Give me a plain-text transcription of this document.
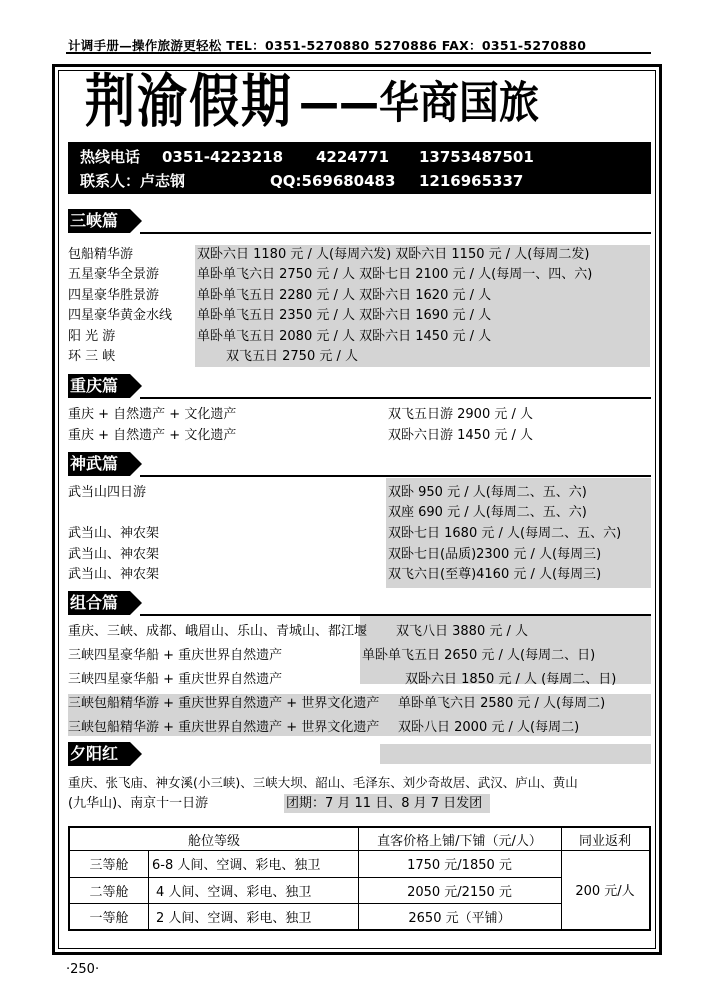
计调手册—操作旅游更轻松 TEL：0351-5270880 5270886 FAX：0351-5270880
荆渝假期 ——华商国旅
热线电话 0351-4223218 4224771 13753487501
联系人：卢志钢	QQ:569680483 1216965337
三峡篇
包船精华游	双卧六日 1180 元 / 人(每周六发) 双卧六日 1150 元 / 人(每周二发)
五星豪华全景游	单卧单飞六日 2750 元 / 人 双卧七日 2100 元 / 人(每周一、四、六)
四星豪华胜景游	单卧单飞五日 2280 元 / 人 双卧六日 1620 元 / 人
四星豪华黄金水线 单卧单飞五日 2350 元 / 人 双卧六日 1690 元 / 人
阳 光 游	单卧单飞五日 2080 元 / 人 双卧六日 1450 元 / 人
环 三 峡	双飞五日 2750 元 / 人
重庆篇
重庆 + 自然遗产 + 文化遗产	双飞五日游 2900 元 / 人
重庆 + 自然遗产 + 文化遗产	双卧六日游 1450 元 / 人
神武篇
武当山四日游	双卧 950 元 / 人(每周二、五、六)
双座 690 元 / 人(每周二、五、六)
武当山、神农架	双卧七日 1680 元 / 人(每周二、五、六)
武当山、神农架	双卧七日(品质)2300 元 / 人(每周三)
武当山、神农架	双飞六日(至尊)4160 元 / 人(每周三)
组合篇
重庆、三峡、成都、峨眉山、乐山、青城山、都江堰 双飞八日 3880 元 / 人
三峡四星豪华船 + 重庆世界自然遗产	单卧单飞五日 2650 元 / 人(每周二、日)
三峡四星豪华船 + 重庆世界自然遗产	双卧六日 1850 元 / 人 (每周二、日)
三峡包船精华游 + 重庆世界自然遗产 + 世界文化遗产 单卧单飞六日 2580 元 / 人(每周二)
三峡包船精华游 + 重庆世界自然遗产 + 世界文化遗产 双卧八日 2000 元 / 人(每周二)
夕阳红
重庆、张飞庙、神女溪(小三峡)、三峡大坝、韶山、毛泽东、刘少奇故居、武汉、庐山、黄山
(九华山)、南京十一日游	团期：7 月 11 日、8 月 7 日发团
舱位等级	直客价格上铺/下铺（元/人）	同业返利
三等舱	6-8 人间、空调、彩电、独卫	1750 元/1850 元
二等舱	4 人间、空调、彩电、独卫	2050 元/2150 元
一等舱	2 人间、空调、彩电、独卫	2650 元（平铺）
200 元/人
·250·
